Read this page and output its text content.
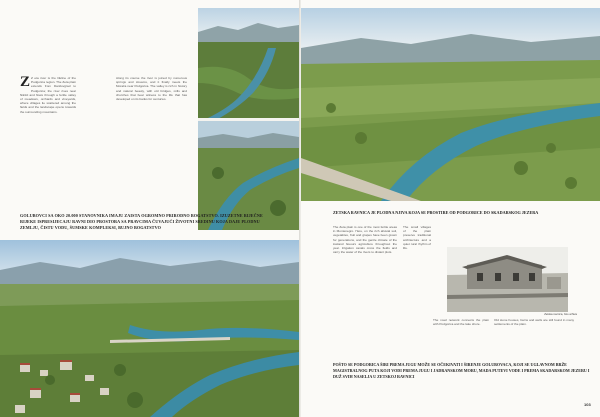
Z Z eta river is the lifeline of the Podgorica region. The Zeta plain extends from Danilovgrad to Podgorica; the river rises near Nikšić and flows through a fertile valley of meadows, orchards and vineyards, where villages lie scattered among the fields and the landscape opens towards the surrounding mountains.
Along its course the river is joined by numerous springs and streams, and it finally meets the Morača near Podgorica. The valley is rich in history and natural beauty, with old bridges, mills and churches that bear witness to the life that has developed on its banks for centuries.
GOLUBOVCI SA OKO 20.000 STANOVNIKA IMAJU ZAISTA OGROMNO PRIRODNO BOGATSTVO. IZUZETNE RIJEČNE RIJEKE ISPRESIJECAJU RAVNI DIO PROSTORA SA PRAVCIMA ČUVAJUĆI ŽIVOTNI SREDINU KOJA DAJE PLODNU ZEMLJU, ČISTU VODU, ŠUMSKE KOMPLEKSI, BUJNO BOGATSTVO
ZETSKA RAVNICA JE PLODNA NJIVA KOJA SE PROSTIRE OD PODGORICE DO SKADARSKOG JEZERA
The Zeta plain is one of the most fertile areas in Montenegro. Here, on the rich alluvial soil, vegetables, fruit and grapes have been grown for generations, and the gentle climate of the lowland favours agriculture throughout the year. Irrigation canals cross the fields and carry the water of the rivers to distant plots.
The small villages of the plain preserve traditional architecture and a quiet rural rhythm of life.
Zetska ravnica, foto arhiva
The road network connects the plain with Podgorica and the lake shore.
Old stone houses, barns and wells are still found in many settlements of the plain.
POŠTO SE PODGORICA ŠIRI PREMA JUGU MOŽE SE OČEKIVATI I ŠIRENJE GOLUBOVACA, KOJI SE UGLAVNOM BRŽE MAGISTRALNOG PUTA KOJI VODI PREMA JUGU I JADRANSKOM MORU, MADA PUTEVI VODE I PREMA SKADARSKOM JEZERU I DUŽ SVIH NASELJA U ZETSKOJ RAVNICI
103
